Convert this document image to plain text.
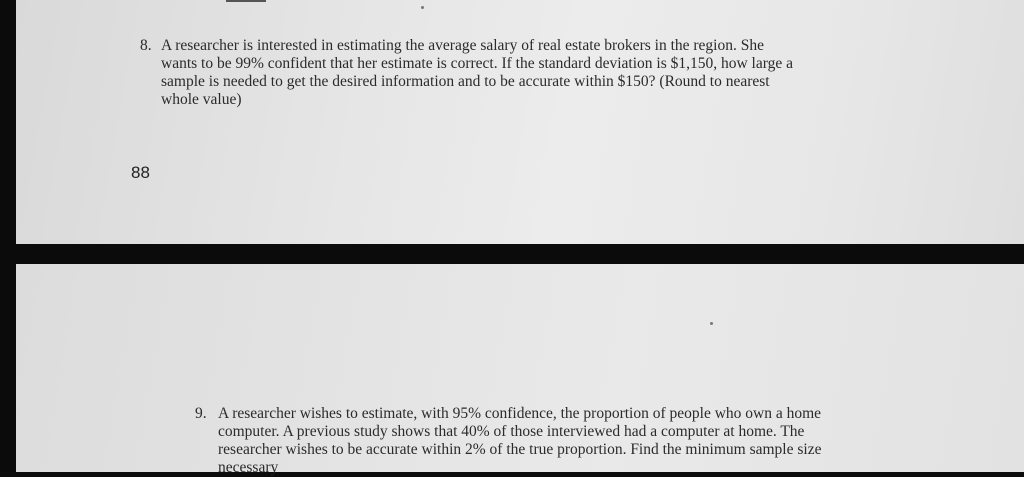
8. A researcher is interested in estimating the average salary of real estate brokers in the region. She
wants to be 99% confident that her estimate is correct. If the standard deviation is $1,150, how large a
sample is needed to get the desired information and to be accurate within $150? (Round to nearest
whole value)
88
9. A researcher wishes to estimate, with 95% confidence, the proportion of people who own a home
computer. A previous study shows that 40% of those interviewed had a computer at home. The
researcher wishes to be accurate within 2% of the true proportion. Find the minimum sample size
necessary
